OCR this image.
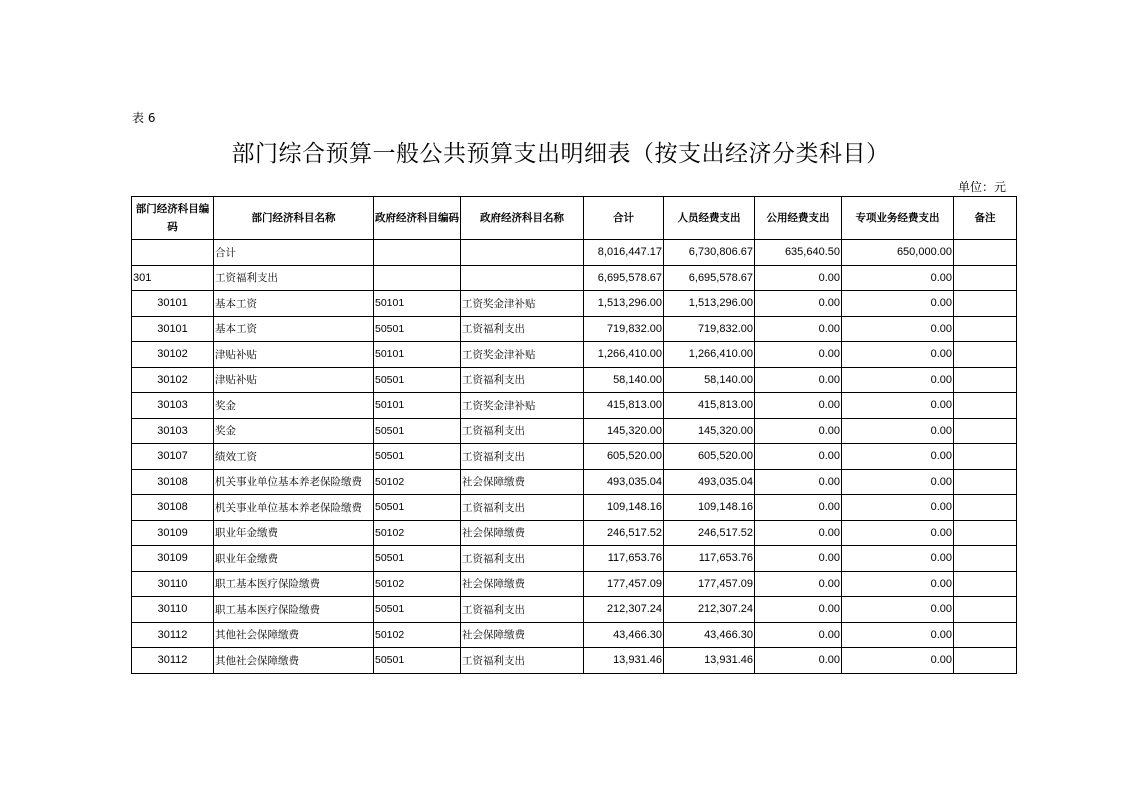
表 6
部门综合预算一般公共预算支出明细表（按支出经济分类科目）
单位：元
部门经济科目编码	部门经济科目名称	政府经济科目编码	政府经济科目名称	合计	人员经费支出	公用经费支出	专项业务经费支出	备注
	合计			8,016,447.17	6,730,806.67	635,640.50	650,000.00	
301	工资福利支出			6,695,578.67	6,695,578.67	0.00	0.00	
30101	基本工资	50101	工资奖金津补贴	1,513,296.00	1,513,296.00	0.00	0.00	
30101	基本工资	50501	工资福利支出	719,832.00	719,832.00	0.00	0.00	
30102	津贴补贴	50101	工资奖金津补贴	1,266,410.00	1,266,410.00	0.00	0.00	
30102	津贴补贴	50501	工资福利支出	58,140.00	58,140.00	0.00	0.00	
30103	奖金	50101	工资奖金津补贴	415,813.00	415,813.00	0.00	0.00	
30103	奖金	50501	工资福利支出	145,320.00	145,320.00	0.00	0.00	
30107	绩效工资	50501	工资福利支出	605,520.00	605,520.00	0.00	0.00	
30108	机关事业单位基本养老保险缴费	50102	社会保障缴费	493,035.04	493,035.04	0.00	0.00	
30108	机关事业单位基本养老保险缴费	50501	工资福利支出	109,148.16	109,148.16	0.00	0.00	
30109	职业年金缴费	50102	社会保障缴费	246,517.52	246,517.52	0.00	0.00	
30109	职业年金缴费	50501	工资福利支出	117,653.76	117,653.76	0.00	0.00	
30110	职工基本医疗保险缴费	50102	社会保障缴费	177,457.09	177,457.09	0.00	0.00	
30110	职工基本医疗保险缴费	50501	工资福利支出	212,307.24	212,307.24	0.00	0.00	
30112	其他社会保障缴费	50102	社会保障缴费	43,466.30	43,466.30	0.00	0.00	
30112	其他社会保障缴费	50501	工资福利支出	13,931.46	13,931.46	0.00	0.00	
